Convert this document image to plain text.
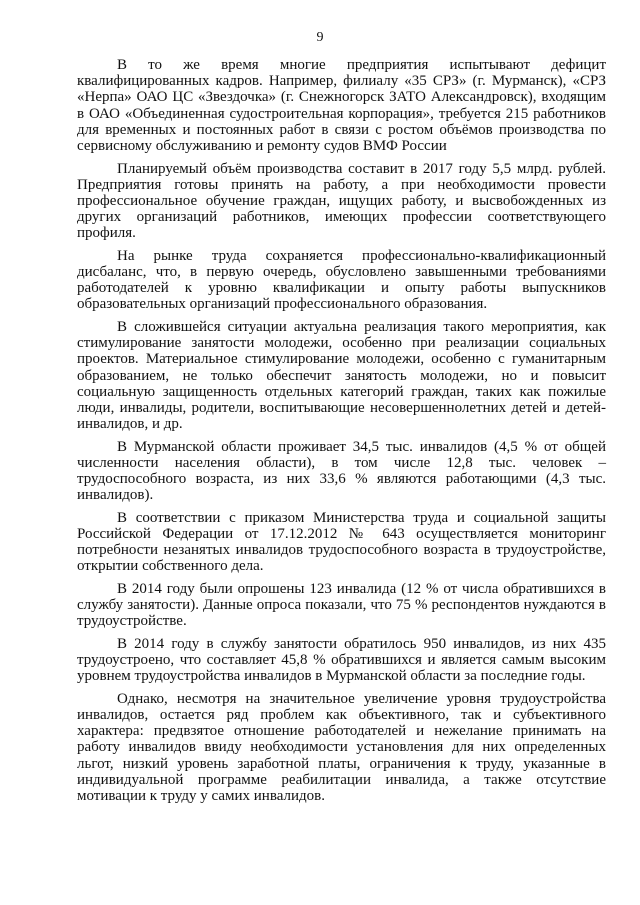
9

В то же время многие предприятия испытывают дефицит квалифицированных кадров. Например, филиалу «35 СРЗ» (г. Мурманск), «СРЗ «Нерпа» ОАО ЦС «Звездочка» (г. Снежногорск ЗАТО Александровск), входящим в ОАО «Объединенная судостроительная корпорация», требуется 215 работников для временных и постоянных работ в связи с ростом объёмов производства по сервисному обслуживанию и ремонту судов ВМФ России

Планируемый объём производства составит в 2017 году 5,5 млрд. рублей. Предприятия готовы принять на работу, а при необходимости провести профессиональное обучение граждан, ищущих работу, и высвобожденных из других организаций работников, имеющих профессии соответствующего профиля.

На рынке труда сохраняется профессионально-квалификационный дисбаланс, что, в первую очередь, обусловлено завышенными требованиями работодателей к уровню квалификации и опыту работы выпускников образовательных организаций профессионального образования.

В сложившейся ситуации актуальна реализация такого мероприятия, как стимулирование занятости молодежи, особенно при реализации социальных проектов. Материальное стимулирование молодежи, особенно с гуманитарным образованием, не только обеспечит занятость молодежи, но и повысит социальную защищенность отдельных категорий граждан, таких как пожилые люди, инвалиды, родители, воспитывающие несовершеннолетних детей и детей-инвалидов, и др.

В Мурманской области проживает 34,5 тыс. инвалидов (4,5 % от общей численности населения области), в том числе 12,8 тыс. человек – трудоспособного возраста, из них 33,6 % являются работающими (4,3 тыс. инвалидов).

В соответствии с приказом Министерства труда и социальной защиты Российской Федерации от 17.12.2012 № 643 осуществляется мониторинг потребности незанятых инвалидов трудоспособного возраста в трудоустройстве, открытии собственного дела.

В 2014 году были опрошены 123 инвалида (12 % от числа обратившихся в службу занятости). Данные опроса показали, что 75 % респондентов нуждаются в трудоустройстве.

В 2014 году в службу занятости обратилось 950 инвалидов, из них 435 трудоустроено, что составляет 45,8 % обратившихся и является самым высоким уровнем трудоустройства инвалидов в Мурманской области за последние годы.

Однако, несмотря на значительное увеличение уровня трудоустройства инвалидов, остается ряд проблем как объективного, так и субъективного характера: предвзятое отношение работодателей и нежелание принимать на работу инвалидов ввиду необходимости установления для них определенных льгот, низкий уровень заработной платы, ограничения к труду, указанные в индивидуальной программе реабилитации инвалида, а также отсутствие мотивации к труду у самих инвалидов.
